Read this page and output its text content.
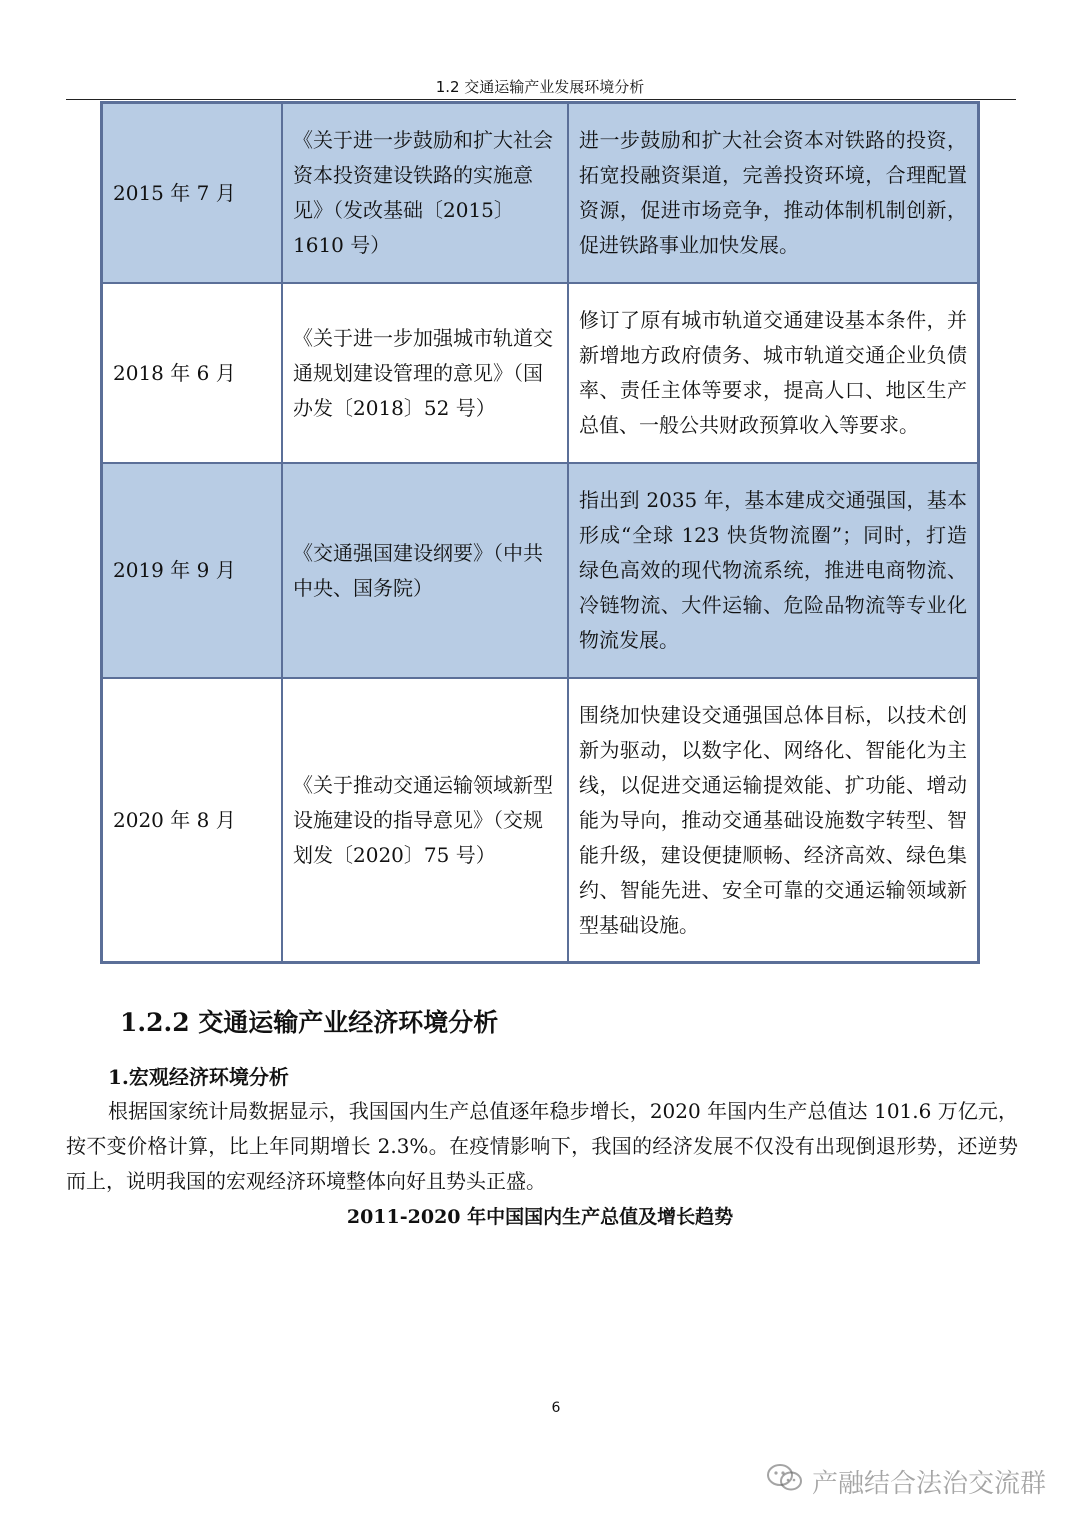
1.2 交通运输产业发展环境分析
2015 年 7 月	《关于进一步鼓励和扩大社会资本投资建设铁路的实施意见》（发改基础〔2015〕1610 号）	进一步鼓励和扩大社会资本对铁路的投资，拓宽投融资渠道，完善投资环境，合理配置资源，促进市场竞争，推动体制机制创新，促进铁路事业加快发展。
2018 年 6 月	《关于进一步加强城市轨道交通规划建设管理的意见》（国办发〔2018〕52 号）	修订了原有城市轨道交通建设基本条件，并新增地方政府债务、城市轨道交通企业负债率、责任主体等要求，提高人口、地区生产总值、一般公共财政预算收入等要求。
2019 年 9 月	《交通强国建设纲要》（中共中央、国务院）	指出到 2035 年，基本建成交通强国，基本形成“全球 123 快货物流圈”；同时，打造绿色高效的现代物流系统，推进电商物流、冷链物流、大件运输、危险品物流等专业化物流发展。
2020 年 8 月	《关于推动交通运输领域新型设施建设的指导意见》（交规划发〔2020〕75 号）	围绕加快建设交通强国总体目标，以技术创新为驱动，以数字化、网络化、智能化为主线，以促进交通运输提效能、扩功能、增动能为导向，推动交通基础设施数字转型、智能升级，建设便捷顺畅、经济高效、绿色集约、智能先进、安全可靠的交通运输领域新型基础设施。
1.2.2 交通运输产业经济环境分析
1.宏观经济环境分析

根据国家统计局数据显示，我国国内生产总值逐年稳步增长，2020 年国内生产总值达 101.6 万亿元，按不变价格计算，比上年同期增长 2.3%。在疫情影响下，我国的经济发展不仅没有出现倒退形势，还逆势而上，说明我国的宏观经济环境整体向好且势头正盛。

2011-2020 年中国国内生产总值及增长趋势
6
产融结合法治交流群
